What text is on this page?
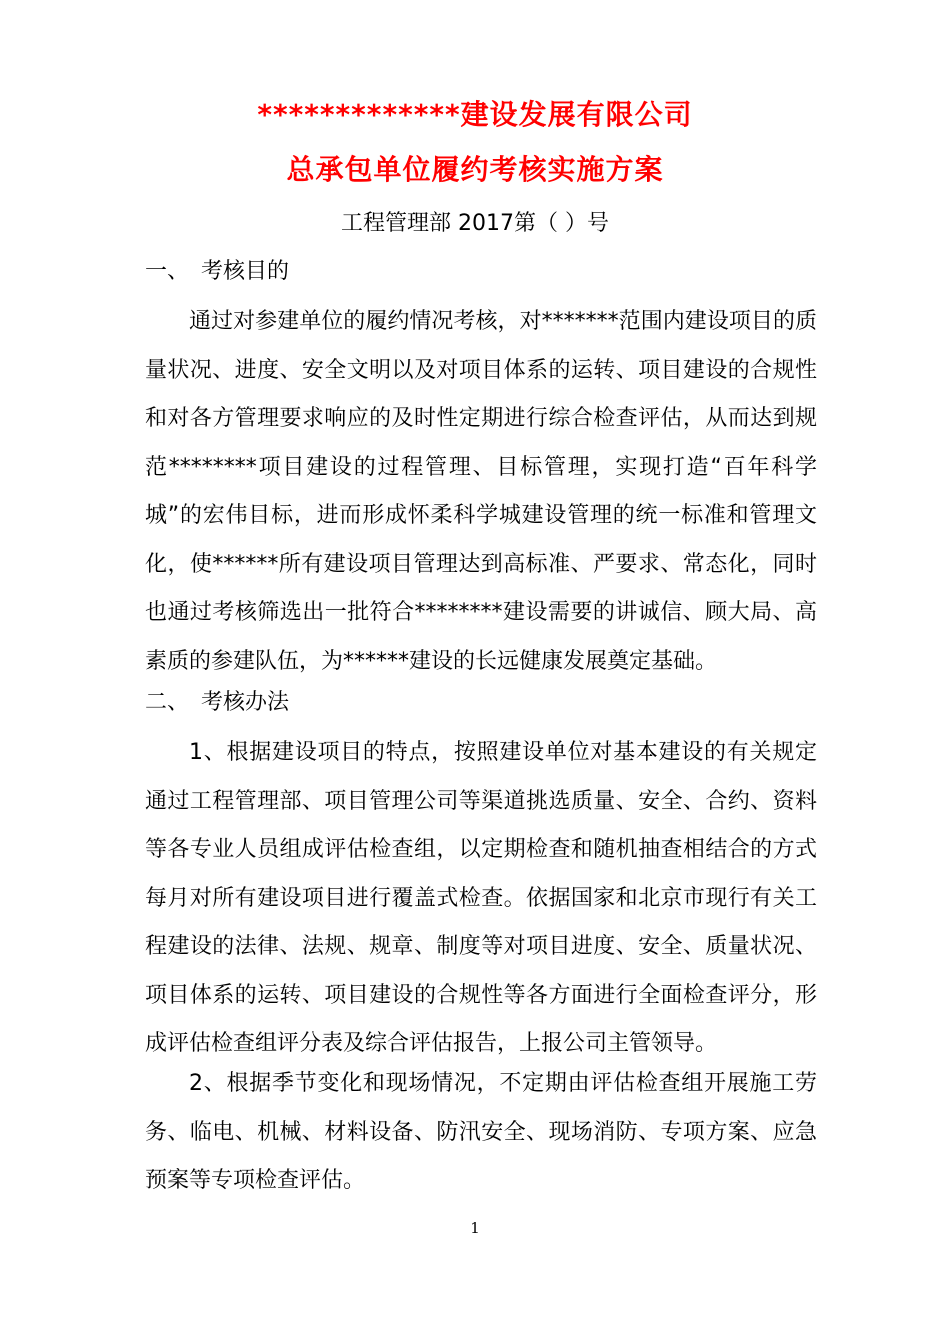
*************建设发展有限公司
总承包单位履约考核实施方案
工程管理部 2017第（ ）号
一、 考核目的

通过对参建单位的履约情况考核，对*******范围内建设项目的质量状况、进度、安全文明以及对项目体系的运转、项目建设的合规性和对各方管理要求响应的及时性定期进行综合检查评估，从而达到规范********项目建设的过程管理、目标管理，实现打造“百年科学城”的宏伟目标，进而形成怀柔科学城建设管理的统一标准和管理文化，使******所有建设项目管理达到高标准、严要求、常态化，同时也通过考核筛选出一批符合********建设需要的讲诚信、顾大局、高素质的参建队伍，为******建设的长远健康发展奠定基础。

二、 考核办法

1、根据建设项目的特点，按照建设单位对基本建设的有关规定通过工程管理部、项目管理公司等渠道挑选质量、安全、合约、资料等各专业人员组成评估检查组，以定期检查和随机抽查相结合的方式每月对所有建设项目进行覆盖式检查。依据国家和北京市现行有关工程建设的法律、法规、规章、制度等对项目进度、安全、质量状况、项目体系的运转、项目建设的合规性等各方面进行全面检查评分，形成评估检查组评分表及综合评估报告，上报公司主管领导。

2、根据季节变化和现场情况，不定期由评估检查组开展施工劳务、临电、机械、材料设备、防汛安全、现场消防、专项方案、应急预案等专项检查评估。

1
